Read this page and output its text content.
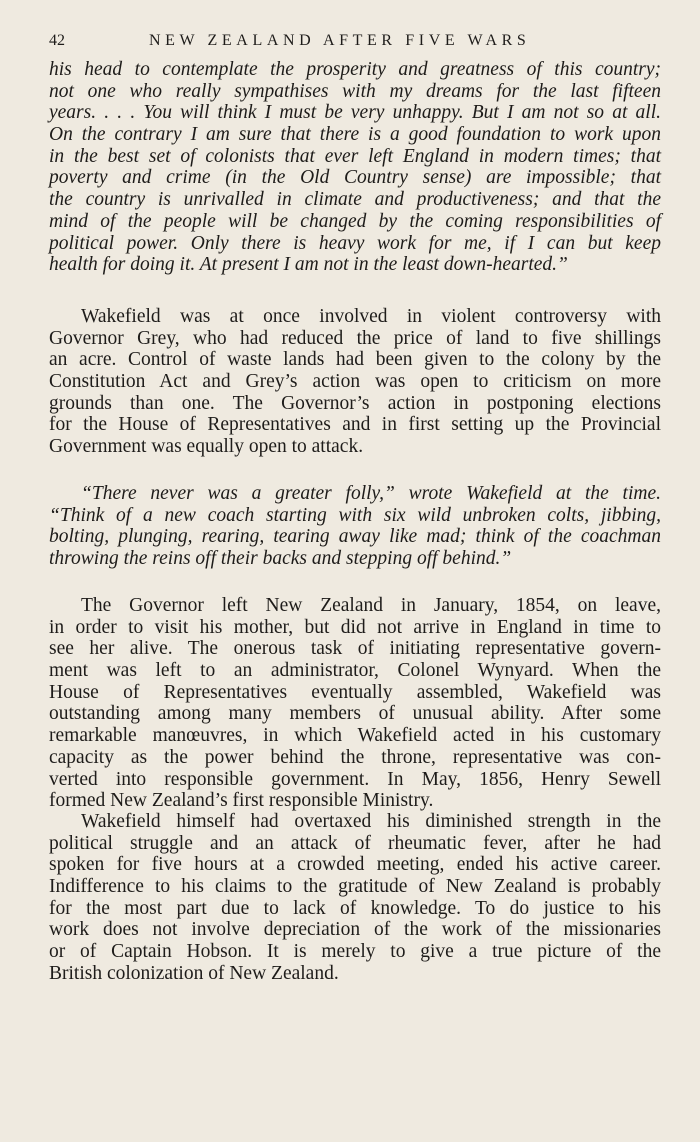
42	NEW ZEALAND AFTER FIVE WARS
his head to contemplate the prosperity and greatness of this country;
not one who really sympathises with my dreams for the last fifteen
years. . . . You will think I must be very unhappy. But I am not so at all.
On the contrary I am sure that there is a good foundation to work upon
in the best set of colonists that ever left England in modern times; that
poverty and crime (in the Old Country sense) are impossible; that
the country is unrivalled in climate and productiveness; and that the
mind of the people will be changed by the coming responsibilities of
political power. Only there is heavy work for me, if I can but keep
health for doing it. At present I am not in the least down-hearted.”
Wakefield was at once involved in violent controversy with
Governor Grey, who had reduced the price of land to five shillings
an acre. Control of waste lands had been given to the colony by the
Constitution Act and Grey’s action was open to criticism on more
grounds than one. The Governor’s action in postponing elections
for the House of Representatives and in first setting up the Provincial
Government was equally open to attack.
“There never was a greater folly,” wrote Wakefield at the time.
“Think of a new coach starting with six wild unbroken colts, jibbing,
bolting, plunging, rearing, tearing away like mad; think of the coachman
throwing the reins off their backs and stepping off behind.”
The Governor left New Zealand in January, 1854, on leave,
in order to visit his mother, but did not arrive in England in time to
see her alive. The onerous task of initiating representative govern-
ment was left to an administrator, Colonel Wynyard. When the
House of Representatives eventually assembled, Wakefield was
outstanding among many members of unusual ability. After some
remarkable manœuvres, in which Wakefield acted in his customary
capacity as the power behind the throne, representative was con-
verted into responsible government. In May, 1856, Henry Sewell
formed New Zealand’s first responsible Ministry.
Wakefield himself had overtaxed his diminished strength in the
political struggle and an attack of rheumatic fever, after he had
spoken for five hours at a crowded meeting, ended his active career.
Indifference to his claims to the gratitude of New Zealand is probably
for the most part due to lack of knowledge. To do justice to his
work does not involve depreciation of the work of the missionaries
or of Captain Hobson. It is merely to give a true picture of the
British colonization of New Zealand.
